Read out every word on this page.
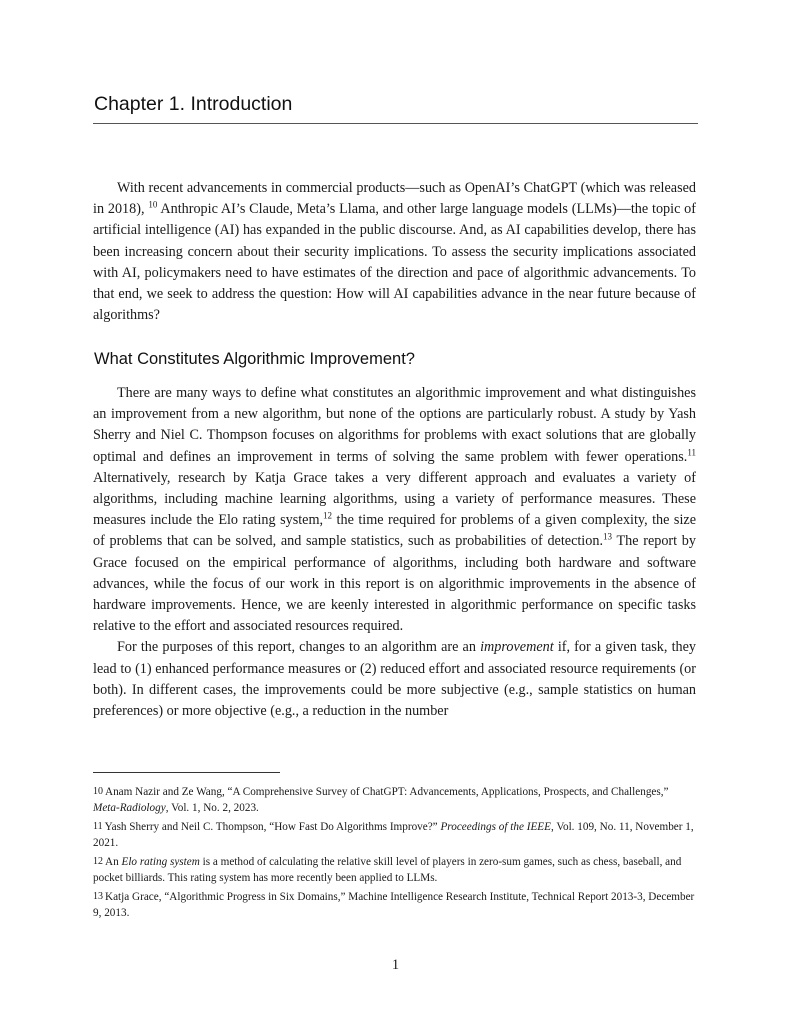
Chapter 1. Introduction

With recent advancements in commercial products—such as OpenAI’s ChatGPT (which was released in 2018), $^{10}$ Anthropic AI’s Claude, Meta’s Llama, and other large language models (LLMs)—the topic of artificial intelligence (AI) has expanded in the public discourse. And, as AI capabilities develop, there has been increasing concern about their security implications. To assess the security implications associated with AI, policymakers need to have estimates of the direction and pace of algorithmic advancements. To that end, we seek to address the question: How will AI capabilities advance in the near future because of algorithms?

What Constitutes Algorithmic Improvement?

There are many ways to define what constitutes an algorithmic improvement and what distinguishes an improvement from a new algorithm, but none of the options are particularly robust. A study by Yash Sherry and Niel C. Thompson focuses on algorithms for problems with exact solutions that are globally optimal and defines an improvement in terms of solving the same problem with fewer operations.$^{11}$ Alternatively, research by Katja Grace takes a very different approach and evaluates a variety of algorithms, including machine learning algorithms, using a variety of performance measures. These measures include the Elo rating system,$^{12}$ the time required for problems of a given complexity, the size of problems that can be solved, and sample statistics, such as probabilities of detection.$^{13}$ The report by Grace focused on the empirical performance of algorithms, including both hardware and software advances, while the focus of our work in this report is on algorithmic improvements in the absence of hardware improvements. Hence, we are keenly interested in algorithmic performance on specific tasks relative to the effort and associated resources required.

For the purposes of this report, changes to an algorithm are an improvement if, for a given task, they lead to (1) enhanced performance measures or (2) reduced effort and associated resource requirements (or both). In different cases, the improvements could be more subjective (e.g., sample statistics on human preferences) or more objective (e.g., a reduction in the number

$^{10}$ Anam Nazir and Ze Wang, “A Comprehensive Survey of ChatGPT: Advancements, Applications, Prospects, and Challenges,” Meta-Radiology, Vol. 1, No. 2, 2023.

$^{11}$ Yash Sherry and Neil C. Thompson, “How Fast Do Algorithms Improve?” Proceedings of the IEEE, Vol. 109, No. 11, November 1, 2021.

$^{12}$ An Elo rating system is a method of calculating the relative skill level of players in zero-sum games, such as chess, baseball, and pocket billiards. This rating system has more recently been applied to LLMs.

$^{13}$ Katja Grace, “Algorithmic Progress in Six Domains,” Machine Intelligence Research Institute, Technical Report 2013-3, December 9, 2013.

1
